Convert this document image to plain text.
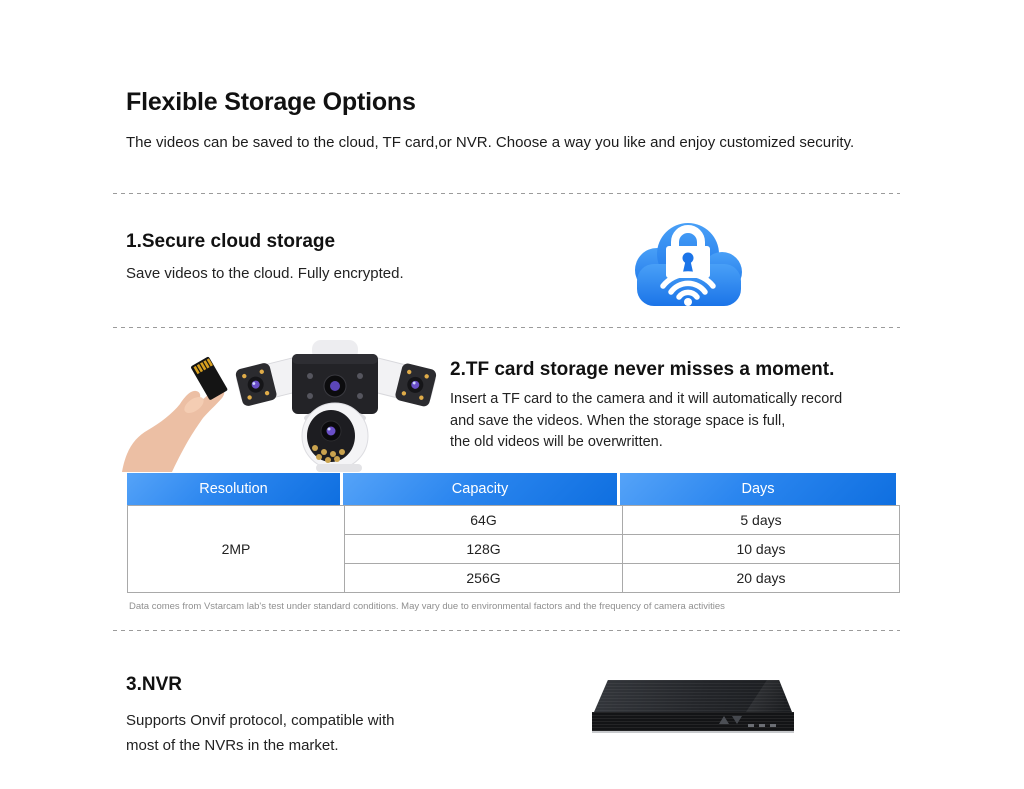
Flexible Storage Options
The videos can be saved to the cloud, TF card,or NVR. Choose a way you like and enjoy customized security.
1.Secure cloud storage
Save videos to the cloud. Fully encrypted.
2.TF card storage never misses a moment.
Insert a TF card to the camera and it will automatically record
and save the videos. When the storage space is full,
the old videos will be overwritten.
Resolution	Capacity	Days
2MP	64G	5 days
	128G	10 days
	256G	20 days
Data comes from Vstarcam lab's test under standard conditions. May vary due to environmental factors and the frequency of camera activities
3.NVR
Supports Onvif protocol, compatible with
most of the NVRs in the market.
